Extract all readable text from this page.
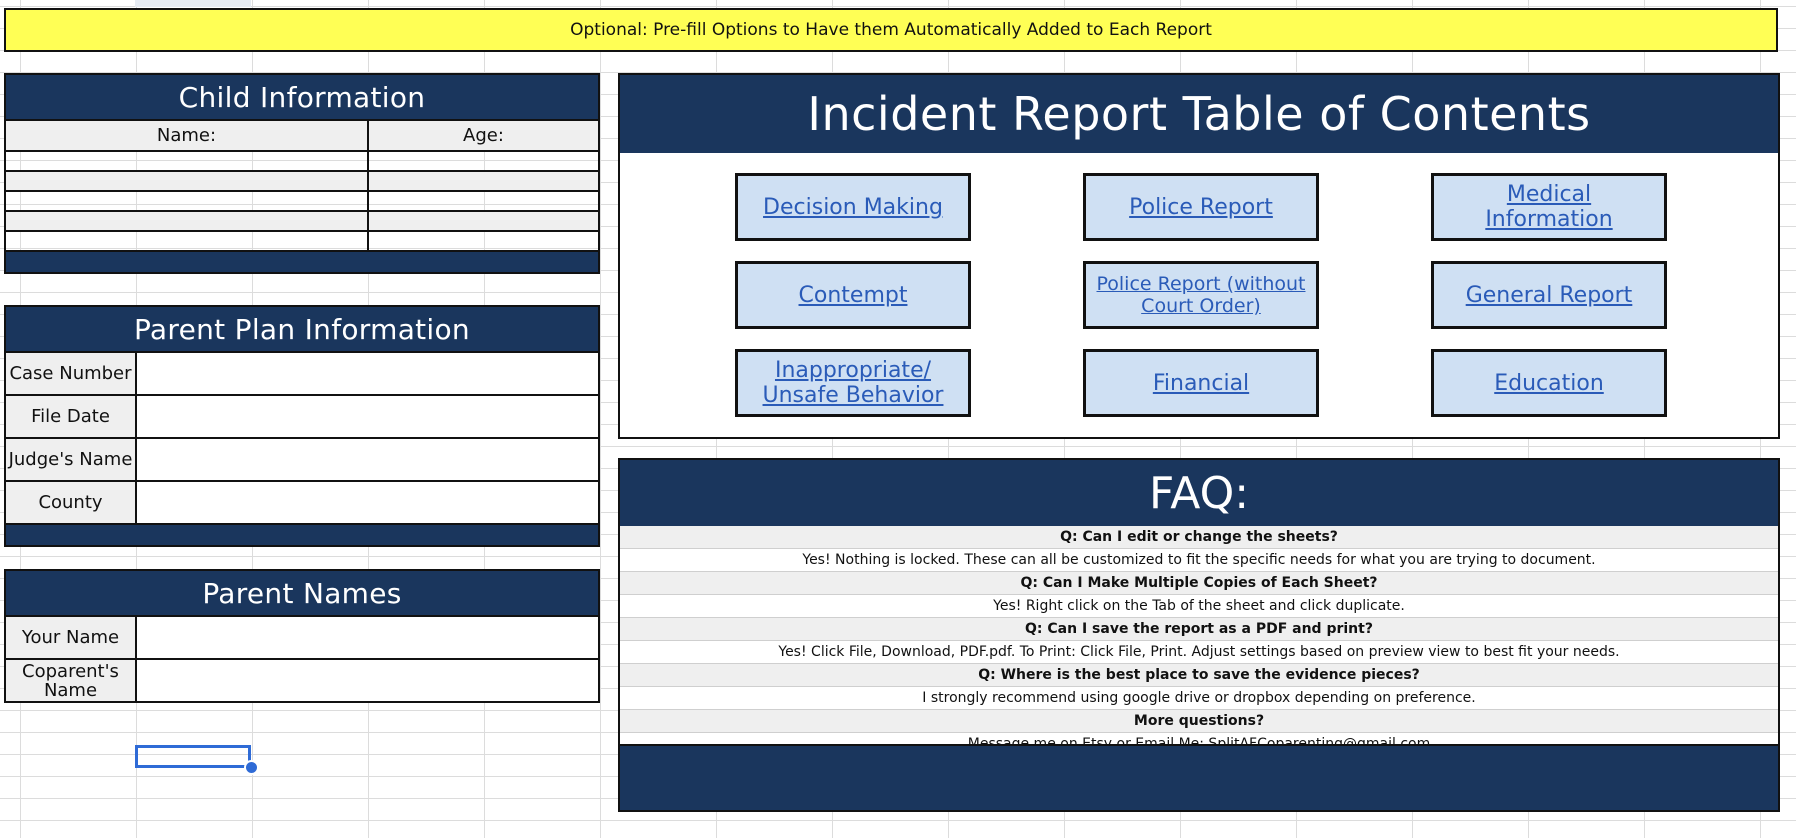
Optional: Pre-fill Options to Have them Automatically Added to Each Report
Child Information
Name:	Age:

Parent Plan Information
Case Number	
File Date	
Judge's Name	
County	
Parent Names
Your Name	
Coparent's Name	
Incident Report Table of Contents
Decision Making	Police Report	Medical Information
Contempt	Police Report (without Court Order)	General Report
Inappropriate/ Unsafe Behavior	Financial	Education
FAQ:
Q: Can I edit or change the sheets?
Yes! Nothing is locked. These can all be customized to fit the specific needs for what you are trying to document.
Q: Can I Make Multiple Copies of Each Sheet?
Yes! Right click on the Tab of the sheet and click duplicate.
Q: Can I save the report as a PDF and print?
Yes! Click File, Download, PDF.pdf. To Print: Click File, Print. Adjust settings based on preview view to best fit your needs.
Q: Where is the best place to save the evidence pieces?
I strongly recommend using google drive or dropbox depending on preference.
More questions?
